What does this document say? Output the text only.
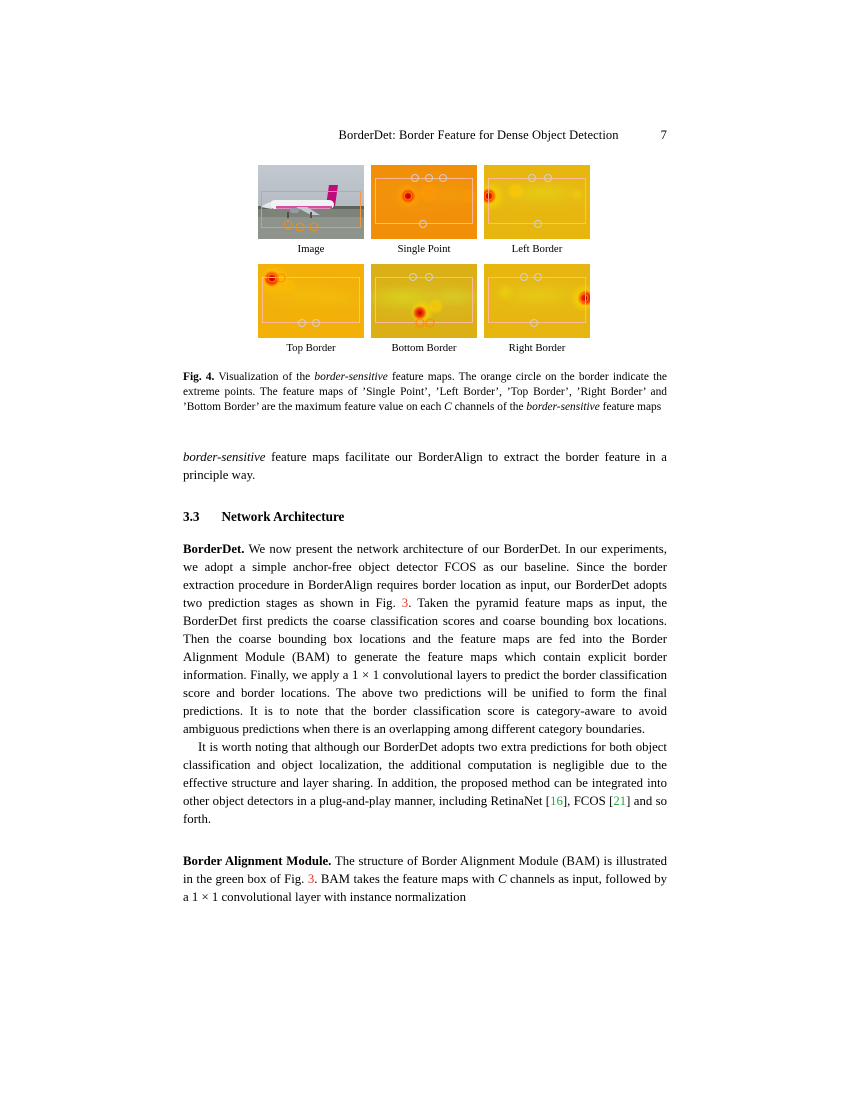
BorderDet: Border Feature for Dense Object Detection	7
Image	Single Point	Left Border
Top Border	Bottom Border	Right Border

Fig. 4. Visualization of the border-sensitive feature maps. The orange circle on the border indicate the extreme points. The feature maps of ’Single Point’, ’Left Border’, ’Top Border’, ’Right Border’ and ’Bottom Border’ are the maximum feature value on each C channels of the border-sensitive feature maps

border-sensitive feature maps facilitate our BorderAlign to extract the border feature in a principle way.

3.3 Network Architecture

BorderDet. We now present the network architecture of our BorderDet. In our experiments, we adopt a simple anchor-free object detector FCOS as our baseline. Since the border extraction procedure in BorderAlign requires border location as input, our BorderDet adopts two prediction stages as shown in Fig. 3. Taken the pyramid feature maps as input, the BorderDet first predicts the coarse classification scores and coarse bounding box locations. Then the coarse bounding box locations and the feature maps are fed into the Border Alignment Module (BAM) to generate the feature maps which contain explicit border information. Finally, we apply a 1 × 1 convolutional layers to predict the border classification score and border locations. The above two predictions will be unified to form the final predictions. It is to note that the border classification score is category-aware to avoid ambiguous predictions when there is an overlapping among different category boundaries.

It is worth noting that although our BorderDet adopts two extra predictions for both object classification and object localization, the additional computation is negligible due to the effective structure and layer sharing. In addition, the proposed method can be integrated into other object detectors in a plug-and-play manner, including RetinaNet [16], FCOS [21] and so forth.

Border Alignment Module. The structure of Border Alignment Module (BAM) is illustrated in the green box of Fig. 3. BAM takes the feature maps with C channels as input, followed by a 1 × 1 convolutional layer with instance normalization
